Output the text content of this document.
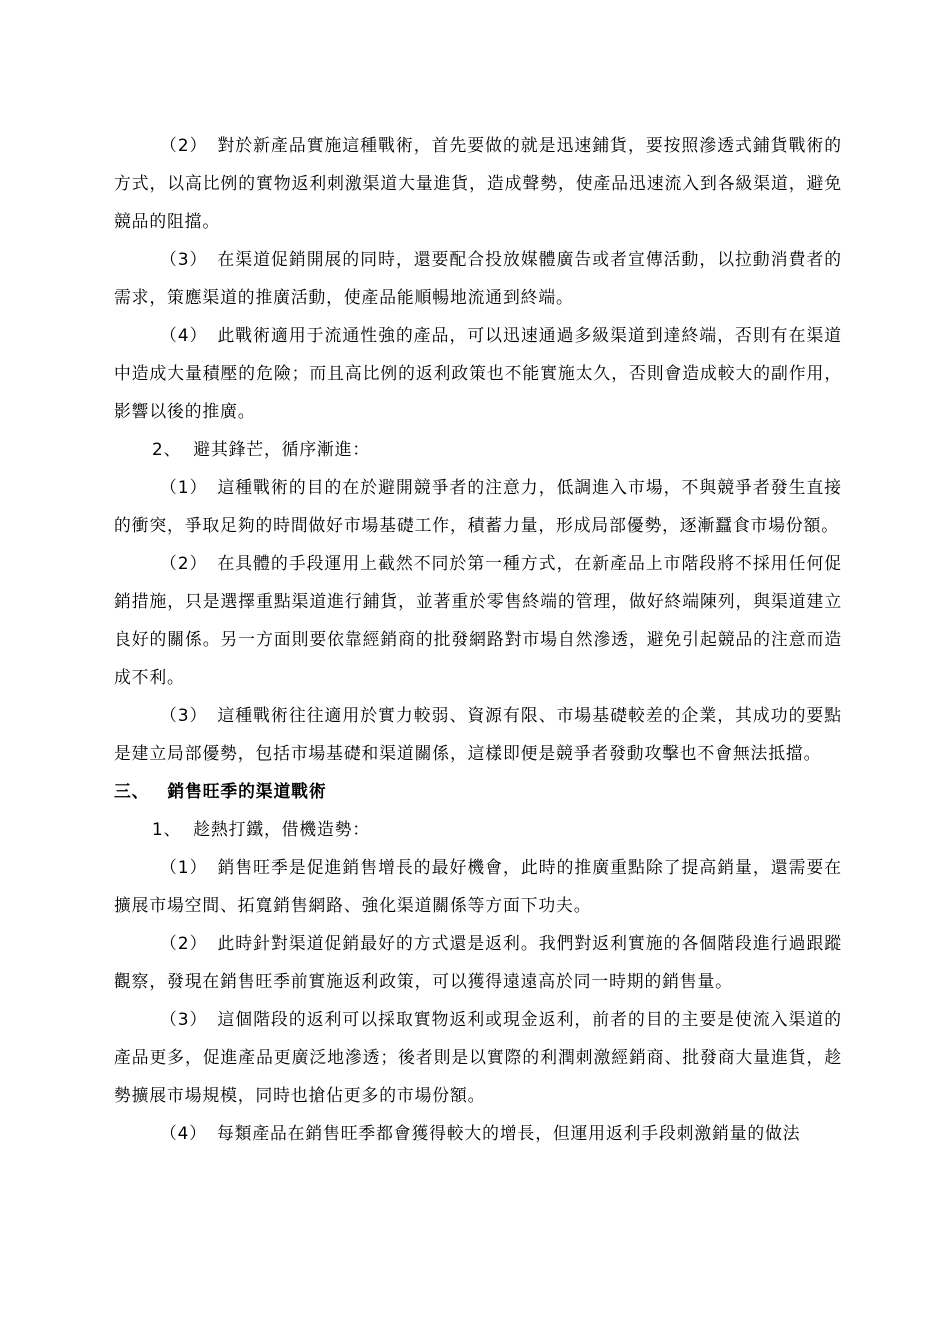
（2） 對於新產品實施這種戰術，首先要做的就是迅速鋪貨，要按照滲透式鋪貨戰術的方式，以高比例的實物返利刺激渠道大量進貨，造成聲勢，使產品迅速流入到各級渠道，避免競品的阻擋。

（3） 在渠道促銷開展的同時，還要配合投放媒體廣告或者宣傳活動，以拉動消費者的需求，策應渠道的推廣活動，使產品能順暢地流通到終端。

（4） 此戰術適用于流通性強的產品，可以迅速通過多級渠道到達終端，否則有在渠道中造成大量積壓的危險；而且高比例的返利政策也不能實施太久，否則會造成較大的副作用，影響以後的推廣。

2、 避其鋒芒，循序漸進：

（1） 這種戰術的目的在於避開競爭者的注意力，低調進入市場，不與競爭者發生直接的衝突，爭取足夠的時間做好市場基礎工作，積蓄力量，形成局部優勢，逐漸蠶食市場份額。

（2） 在具體的手段運用上截然不同於第一種方式，在新產品上市階段將不採用任何促銷措施，只是選擇重點渠道進行鋪貨，並著重於零售終端的管理，做好終端陳列，與渠道建立良好的關係。另一方面則要依靠經銷商的批發網路對市場自然滲透，避免引起競品的注意而造成不利。

（3） 這種戰術往往適用於實力較弱、資源有限、市場基礎較差的企業，其成功的要點是建立局部優勢，包括市場基礎和渠道關係，這樣即便是競爭者發動攻擊也不會無法抵擋。

三、 銷售旺季的渠道戰術

1、 趁熱打鐵，借機造勢：

（1） 銷售旺季是促進銷售增長的最好機會，此時的推廣重點除了提高銷量，還需要在擴展市場空間、拓寬銷售網路、強化渠道關係等方面下功夫。

（2） 此時針對渠道促銷最好的方式還是返利。我們對返利實施的各個階段進行過跟蹤觀察，發現在銷售旺季前實施返利政策，可以獲得遠遠高於同一時期的銷售量。

（3） 這個階段的返利可以採取實物返利或現金返利，前者的目的主要是使流入渠道的產品更多，促進產品更廣泛地滲透；後者則是以實際的利潤刺激經銷商、批發商大量進貨，趁勢擴展市場規模，同時也搶佔更多的市場份額。

（4） 每類產品在銷售旺季都會獲得較大的增長，但運用返利手段刺激銷量的做法
